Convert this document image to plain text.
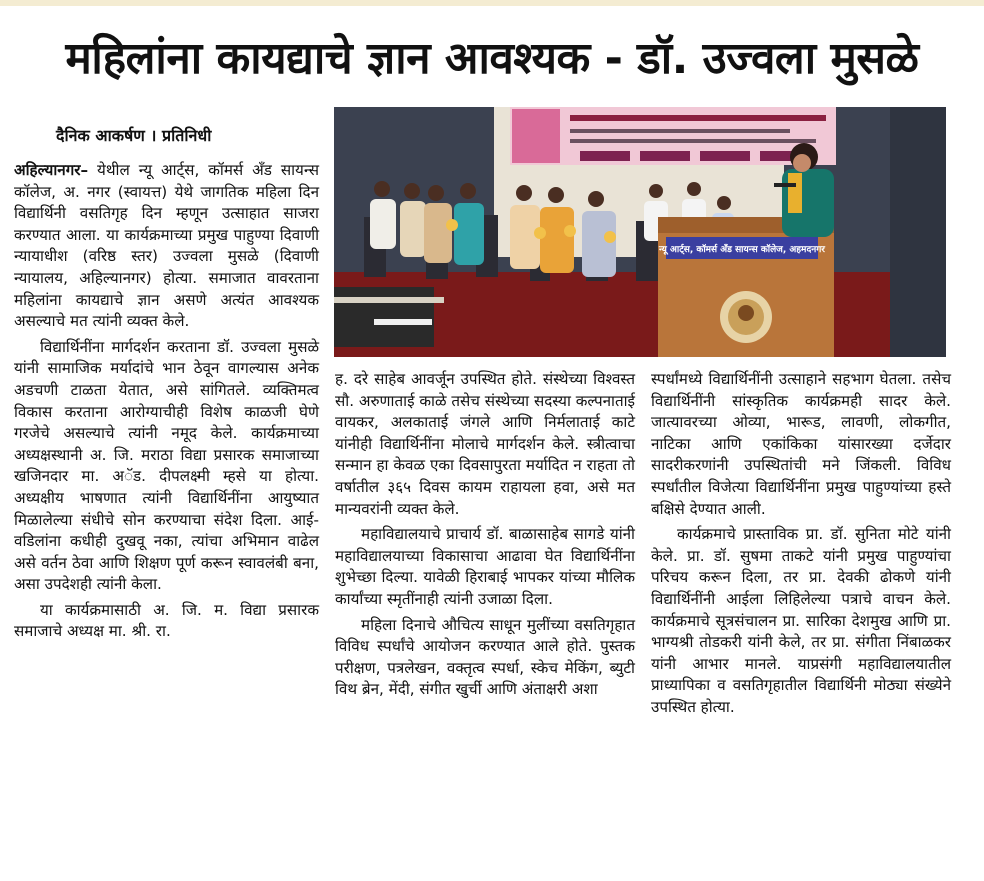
महिलांना कायद्याचे ज्ञान आवश्यक - डॉ. उज्वला मुसळे
दैनिक आकर्षण । प्रतिनिधी
न्यू आर्ट्स, कॉमर्स अँड सायन्स कॉलेज, अहमदनगर

अहिल्यानगर– येथील न्यू आर्ट्स, कॉमर्स अँड सायन्स कॉलेज, अ. नगर (स्वायत्त) येथे जागतिक महिला दिन विद्यार्थिनी वसतिगृह दिन म्हणून उत्साहात साजरा करण्यात आला. या कार्यक्रमाच्या प्रमुख पाहुण्या दिवाणी न्यायाधीश (वरिष्ठ स्तर) उज्वला मुसळे (दिवाणी न्यायालय, अहिल्यानगर) होत्या. समाजात वावरताना महिलांना कायद्याचे ज्ञान असणे अत्यंत आवश्यक असल्याचे मत त्यांनी व्यक्त केले.

विद्यार्थिनींना मार्गदर्शन करताना डॉ. उज्वला मुसळे यांनी सामाजिक मर्यादांचे भान ठेवून वागल्यास अनेक अडचणी टाळता येतात, असे सांगितले. व्यक्तिमत्व विकास करताना आरोग्याचीही विशेष काळजी घेणे गरजेचे असल्याचे त्यांनी नमूद केले. कार्यक्रमाच्या अध्यक्षस्थानी अ. जि. मराठा विद्या प्रसारक समाजाच्या खजिनदार मा. अॅड. दीपलक्ष्मी म्हसे या होत्या. अध्यक्षीय भाषणात त्यांनी विद्यार्थिनींना आयुष्यात मिळालेल्या संधीचे सोन करण्याचा संदेश दिला. आई-वडिलांना कधीही दुखवू नका, त्यांचा अभिमान वाढेल असे वर्तन ठेवा आणि शिक्षण पूर्ण करून स्वावलंबी बना, असा उपदेशही त्यांनी केला.

या कार्यक्रमासाठी अ. जि. म. विद्या प्रसारक समाजाचे अध्यक्ष मा. श्री. रा.

ह. दरे साहेब आवर्जून उपस्थित होते. संस्थेच्या विश्वस्त सौ. अरुणाताई काळे तसेच संस्थेच्या सदस्या कल्पनाताई वायकर, अलकाताई जंगले आणि निर्मलाताई काटे यांनीही विद्यार्थिनींना मोलाचे मार्गदर्शन केले. स्त्रीत्वाचा सन्मान हा केवळ एका दिवसापुरता मर्यादित न राहता तो वर्षातील ३६५ दिवस कायम राहायला हवा, असे मत मान्यवरांनी व्यक्त केले.

महाविद्यालयाचे प्राचार्य डॉ. बाळासाहेब सागडे यांनी महाविद्यालयाच्या विकासाचा आढावा घेत विद्यार्थिनींना शुभेच्छा दिल्या. यावेळी हिराबाई भापकर यांच्या मौलिक कार्यांच्या स्मृतींनाही त्यांनी उजाळा दिला.

महिला दिनाचे औचित्य साधून मुलींच्या वसतिगृहात विविध स्पर्धांचे आयोजन करण्यात आले होते. पुस्तक परीक्षण, पत्रलेखन, वक्तृत्व स्पर्धा, स्केच मेकिंग, ब्युटी विथ ब्रेन, मेंदी, संगीत खुर्ची आणि अंताक्षरी अशा

स्पर्धांमध्ये विद्यार्थिनींनी उत्साहाने सहभाग घेतला. तसेच विद्यार्थिनींनी सांस्कृतिक कार्यक्रमही सादर केले. जात्यावरच्या ओव्या, भारूड, लावणी, लोकगीत, नाटिका आणि एकांकिका यांसारख्या दर्जेदार सादरीकरणांनी उपस्थितांची मने जिंकली. विविध स्पर्धांतील विजेत्या विद्यार्थिनींना प्रमुख पाहुण्यांच्या हस्ते बक्षिसे देण्यात आली.

कार्यक्रमाचे प्रास्ताविक प्रा. डॉ. सुनिता मोटे यांनी केले. प्रा. डॉ. सुषमा ताकटे यांनी प्रमुख पाहुण्यांचा परिचय करून दिला, तर प्रा. देवकी ढोकणे यांनी विद्यार्थिनींनी आईला लिहिलेल्या पत्राचे वाचन केले. कार्यक्रमाचे सूत्रसंचालन प्रा. सारिका देशमुख आणि प्रा. भाग्यश्री तोडकरी यांनी केले, तर प्रा. संगीता निंबाळकर यांनी आभार मानले. याप्रसंगी महाविद्यालयातील प्राध्यापिका व वसतिगृहातील विद्यार्थिनी मोठ्या संख्येने उपस्थित होत्या.
